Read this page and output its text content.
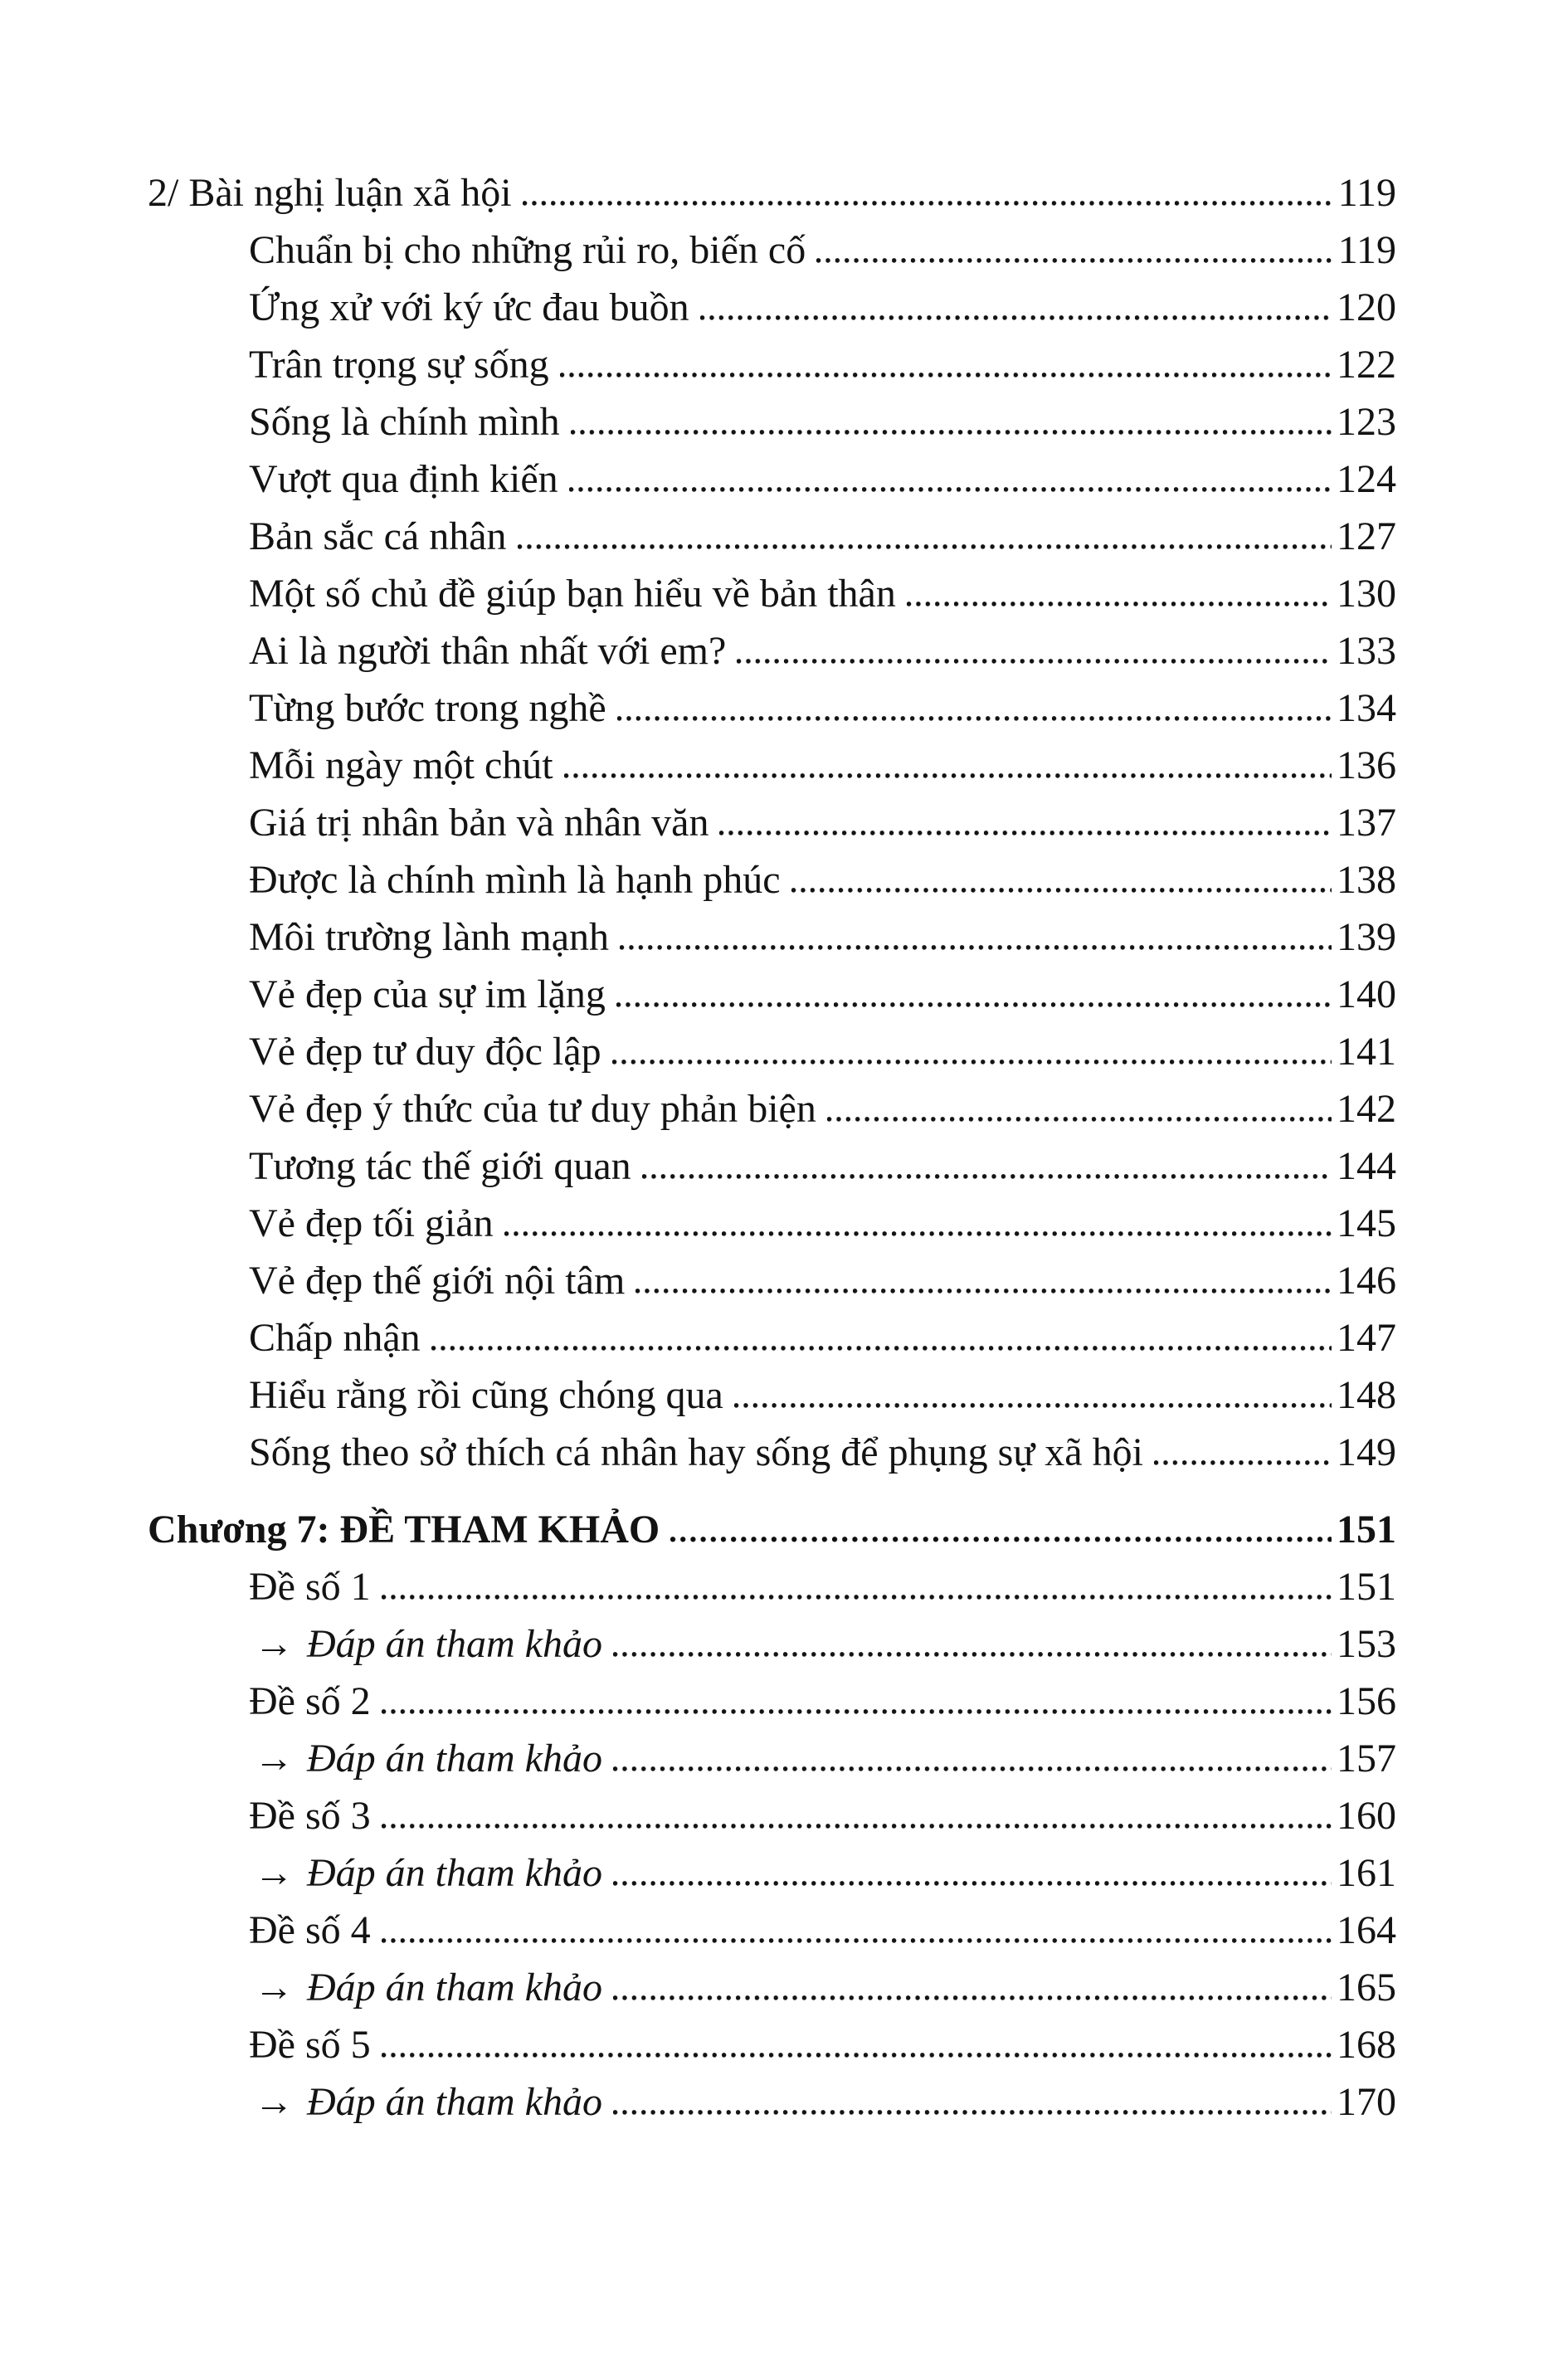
2/ Bài nghị luận xã hội	119
Chuẩn bị cho những rủi ro, biến cố	119
Ứng xử với ký ức đau buồn	120
Trân trọng sự sống	122
Sống là chính mình	123
Vượt qua định kiến	124
Bản sắc cá nhân	127
Một số chủ đề giúp bạn hiểu về bản thân	130
Ai là người thân nhất với em?	133
Từng bước trong nghề	134
Mỗi ngày một chút	136
Giá trị nhân bản và nhân văn	137
Được là chính mình là hạnh phúc	138
Môi trường lành mạnh	139
Vẻ đẹp của sự im lặng	140
Vẻ đẹp tư duy độc lập	141
Vẻ đẹp ý thức của tư duy phản biện	142
Tương tác thế giới quan	144
Vẻ đẹp tối giản	145
Vẻ đẹp thế giới nội tâm	146
Chấp nhận	147
Hiểu rằng rồi cũng chóng qua	148
Sống theo sở thích cá nhân hay sống để phụng sự xã hội	149
Chương 7: ĐỀ THAM KHẢO	151
Đề số 1	151
→ Đáp án tham khảo	153
Đề số 2	156
→ Đáp án tham khảo	157
Đề số 3	160
→ Đáp án tham khảo	161
Đề số 4	164
→ Đáp án tham khảo	165
Đề số 5	168
→ Đáp án tham khảo	170
